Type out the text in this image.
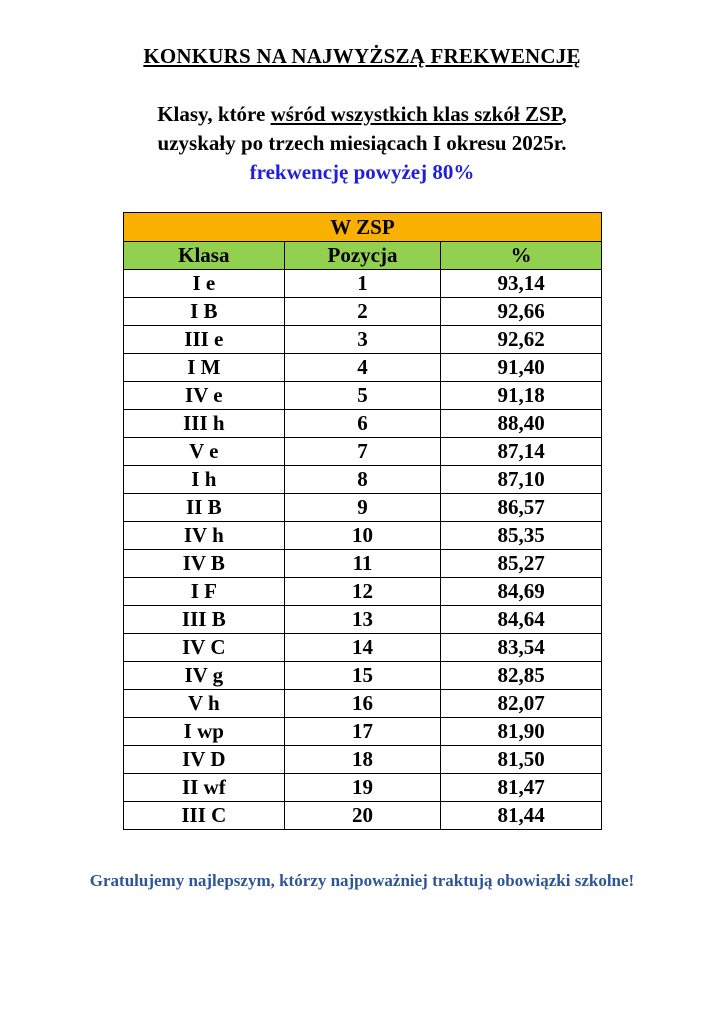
KONKURS NA NAJWYŻSZĄ FREKWENCJĘ
Klasy, które wśród wszystkich klas szkół ZSP,
uzyskały po trzech miesiącach I okresu 2025r.
frekwencję powyżej 80%
W ZSP		
Klasa	Pozycja	%
I e	1	93,14
I B	2	92,66
III e	3	92,62
I M	4	91,40
IV e	5	91,18
III h	6	88,40
V e	7	87,14
I h	8	87,10
II B	9	86,57
IV h	10	85,35
IV B	11	85,27
I F	12	84,69
III B	13	84,64
IV C	14	83,54
IV g	15	82,85
V h	16	82,07
I wp	17	81,90
IV D	18	81,50
II wf	19	81,47
III C	20	81,44
Gratulujemy najlepszym, którzy najpoważniej traktują obowiązki szkolne!
